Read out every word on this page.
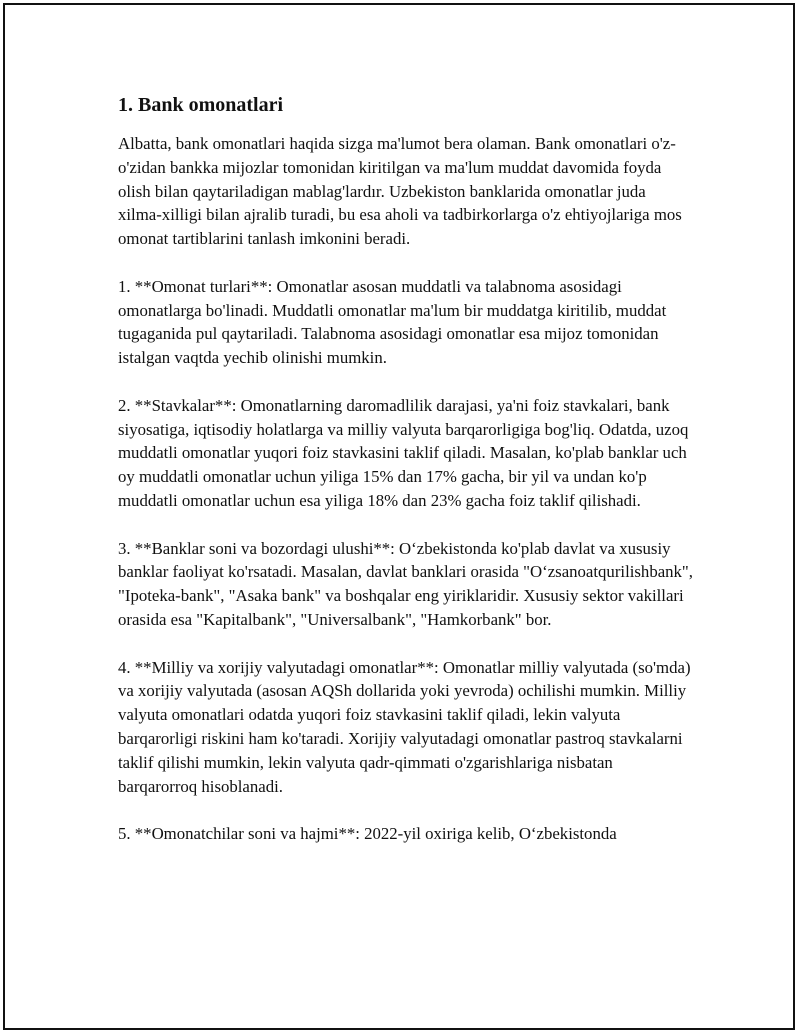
1. Bank omonatlari

Albatta, bank omonatlari haqida sizga ma'lumot bera olaman. Bank omonatlari o'z-o'zidan bankka mijozlar tomonidan kiritilgan va ma'lum muddat davomida foyda olish bilan qaytariladigan mablag'lardır. Uzbekiston banklarida omonatlar juda xilma-xilligi bilan ajralib turadi, bu esa aholi va tadbirkorlarga o'z ehtiyojlariga mos omonat tartiblarini tanlash imkonini beradi.

1. **Omonat turlari**: Omonatlar asosan muddatli va talabnoma asosidagi omonatlarga bo'linadi. Muddatli omonatlar ma'lum bir muddatga kiritilib, muddat tugaganida pul qaytariladi. Talabnoma asosidagi omonatlar esa mijoz tomonidan istalgan vaqtda yechib olinishi mumkin.

2. **Stavkalar**: Omonatlarning daromadlilik darajasi, ya'ni foiz stavkalari, bank siyosatiga, iqtisodiy holatlarga va milliy valyuta barqarorligiga bog'liq. Odatda, uzoq muddatli omonatlar yuqori foiz stavkasini taklif qiladi. Masalan, ko'plab banklar uch oy muddatli omonatlar uchun yiliga 15% dan 17% gacha, bir yil va undan ko'p muddatli omonatlar uchun esa yiliga 18% dan 23% gacha foiz taklif qilishadi.

3. **Banklar soni va bozordagi ulushi**: O‘zbekistonda ko'plab davlat va xususiy banklar faoliyat ko'rsatadi. Masalan, davlat banklari orasida "O‘zsanoatqurilishbank", "Ipoteka-bank", "Asaka bank" va boshqalar eng yiriklaridir. Xususiy sektor vakillari orasida esa "Kapitalbank", "Universalbank", "Hamkorbank" bor.

4. **Milliy va xorijiy valyutadagi omonatlar**: Omonatlar milliy valyutada (so'mda) va xorijiy valyutada (asosan AQSh dollarida yoki yevroda) ochilishi mumkin. Milliy valyuta omonatlari odatda yuqori foiz stavkasini taklif qiladi, lekin valyuta barqarorligi riskini ham ko'taradi. Xorijiy valyutadagi omonatlar pastroq stavkalarni taklif qilishi mumkin, lekin valyuta qadr-qimmati o'zgarishlariga nisbatan barqarorroq hisoblanadi.

5. **Omonatchilar soni va hajmi**: 2022-yil oxiriga kelib, O‘zbekistonda
